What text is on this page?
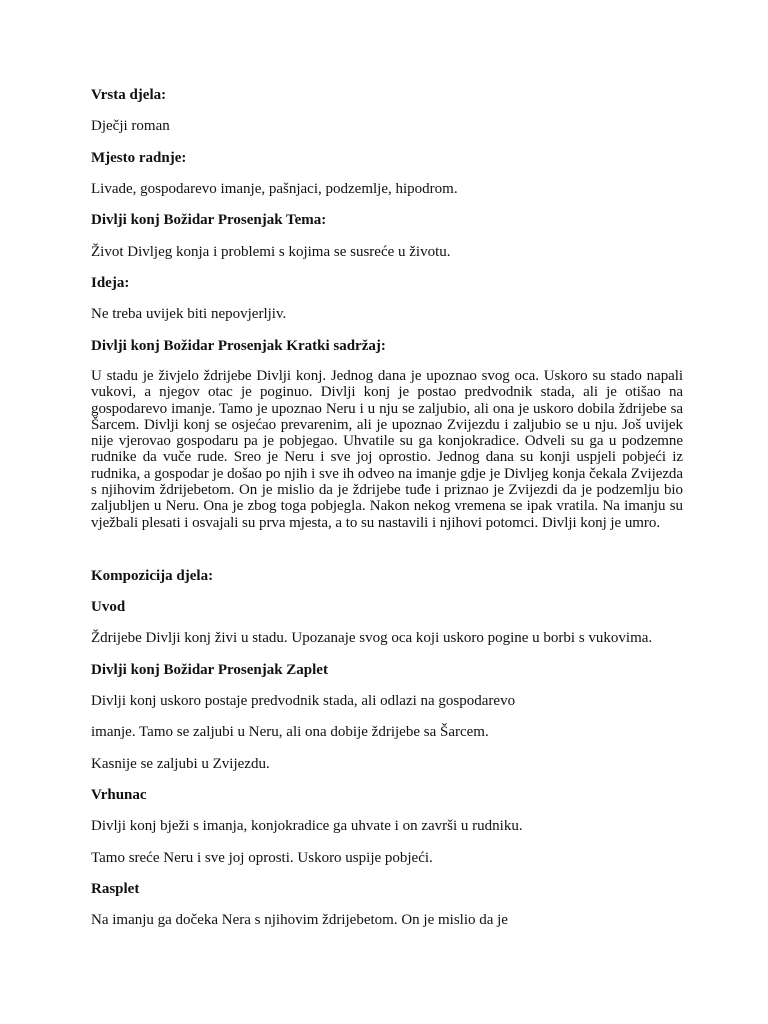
Vrsta djela:
Dječji roman
Mjesto radnje:
Livade, gospodarevo imanje, pašnjaci, podzemlje, hipodrom.
Divlji konj Božidar Prosenjak Tema:
Život Divljeg konja i problemi s kojima se susreće u životu.
Ideja:
Ne treba uvijek biti nepovjerljiv.
Divlji konj Božidar Prosenjak Kratki sadržaj:
U stadu je živjelo ždrijebe Divlji konj. Jednog dana je upoznao svog oca. Uskoro su stado napali vukovi, a njegov otac je poginuo. Divlji konj je postao predvodnik stada, ali je otišao na gospodarevo imanje. Tamo je upoznao Neru i u nju se zaljubio, ali ona je uskoro dobila ždrijebe sa Šarcem. Divlji konj se osjećao prevarenim, ali je upoznao Zvijezdu i zaljubio se u nju. Još uvijek nije vjerovao gospodaru pa je pobjegao. Uhvatile su ga konjokradice. Odveli su ga u podzemne rudnike da vuče rude. Sreo je Neru i sve joj oprostio. Jednog dana su konji uspjeli pobjeći iz rudnika, a gospodar je došao po njih i sve ih odveo na imanje gdje je Divljeg konja čekala Zvijezda s njihovim ždrijebetom. On je mislio da je ždrijebe tuđe i priznao je Zvijezdi da je podzemlju bio zaljubljen u Neru. Ona je zbog toga pobjegla. Nakon nekog vremena se ipak vratila. Na imanju su vježbali plesati i osvajali su prva mjesta, a to su nastavili i njihovi potomci. Divlji konj je umro.
Kompozicija djela:
Uvod
Ždrijebe Divlji konj živi u stadu. Upozanaje svog oca koji uskoro pogine u borbi s vukovima.
Divlji konj Božidar Prosenjak Zaplet
Divlji konj uskoro postaje predvodnik stada, ali odlazi na gospodarevo
imanje. Tamo se zaljubi u Neru, ali ona dobije ždrijebe sa Šarcem.
Kasnije se zaljubi u Zvijezdu.
Vrhunac
Divlji konj bježi s imanja, konjokradice ga uhvate i on završi u rudniku.
Tamo sreće Neru i sve joj oprosti. Uskoro uspije pobjeći.
Rasplet
Na imanju ga dočeka Nera s njihovim ždrijebetom. On je mislio da je
